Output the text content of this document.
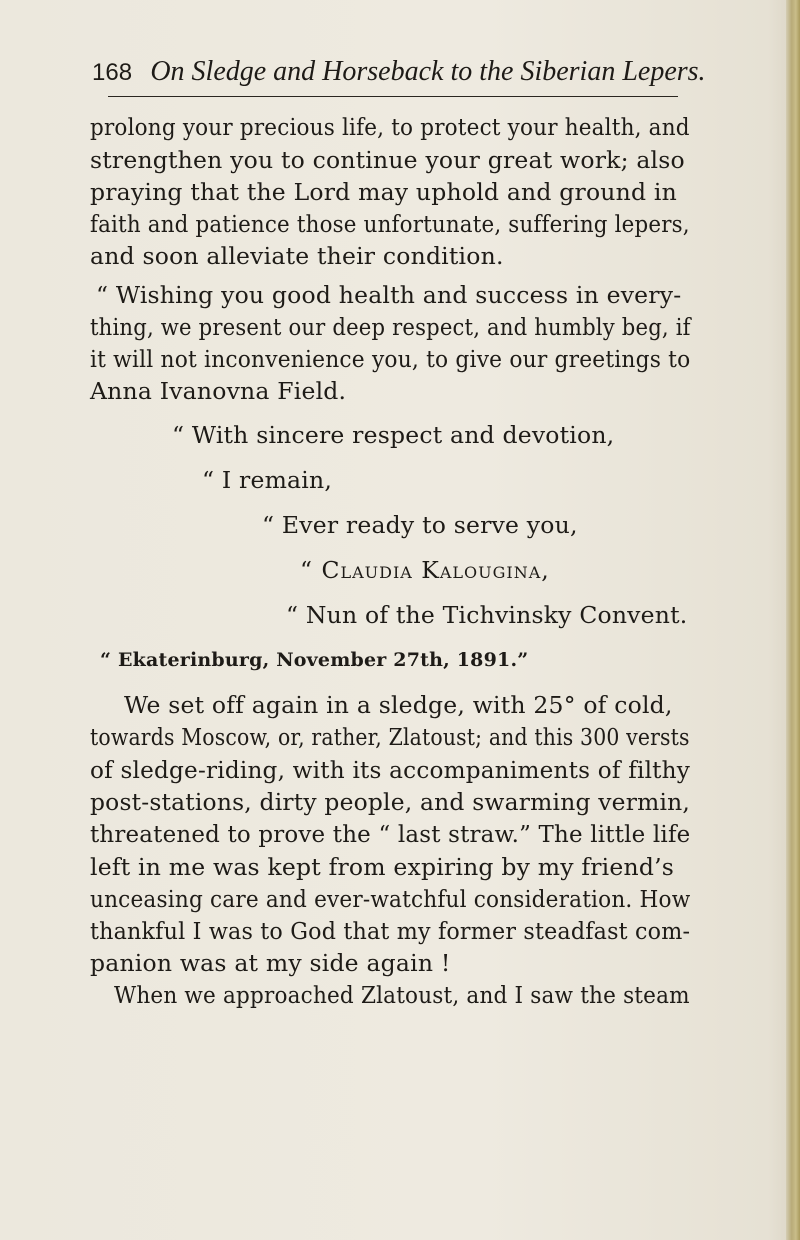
168 On Sledge and Horseback to the Siberian Lepers.
prolong your precious life, to protect your health, and
strengthen you to continue your great work; also
praying that the Lord may uphold and ground in
faith and patience those unfortunate, suffering lepers,
and soon alleviate their condition.
“ Wishing you good health and success in every-
thing, we present our deep respect, and humbly beg, if
it will not inconvenience you, to give our greetings to
Anna Ivanovna Field.
“ With sincere respect and devotion,
“ I remain,
“ Ever ready to serve you,
“ Claudia Kalougina,
“ Nun of the Tichvinsky Convent.
“ Ekaterinburg, November 27th, 1891.”
We set off again in a sledge, with 25° of cold,
towards Moscow, or, rather, Zlatoust; and this 300 versts
of sledge-riding, with its accompaniments of filthy
post-stations, dirty people, and swarming vermin,
threatened to prove the “ last straw.” The little life
left in me was kept from expiring by my friend’s
unceasing care and ever-watchful consideration. How
thankful I was to God that my former steadfast com-
panion was at my side again !
When we approached Zlatoust, and I saw the steam
